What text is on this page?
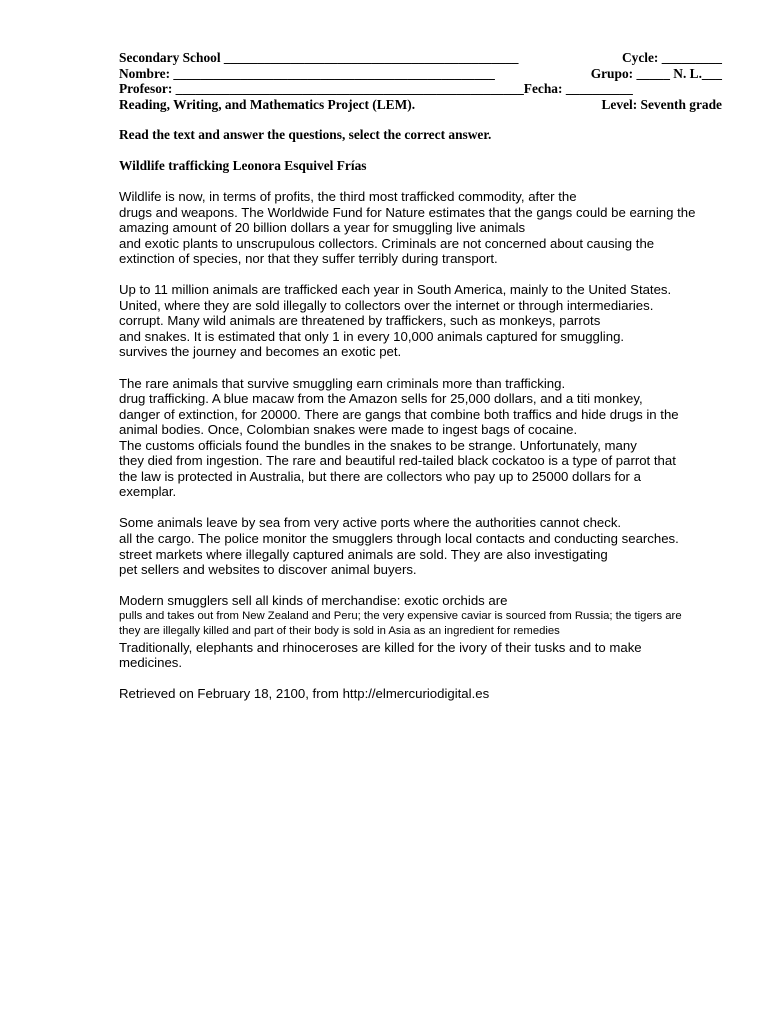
Secondary School ____________________________________________	Cycle: _________
Nombre: ________________________________________________	Grupo: _____ N. L.___
Profesor: ____________________________________________________ Fecha: __________
Reading, Writing, and Mathematics Project (LEM).	Level: Seventh grade
Read the text and answer the questions, select the correct answer.
Wildlife trafficking Leonora Esquivel Frías
Wildlife is now, in terms of profits, the third most trafficked commodity, after the
drugs and weapons. The Worldwide Fund for Nature estimates that the gangs could be earning the
amazing amount of 20 billion dollars a year for smuggling live animals
and exotic plants to unscrupulous collectors. Criminals are not concerned about causing the
extinction of species, nor that they suffer terribly during transport.
Up to 11 million animals are trafficked each year in South America, mainly to the United States.
United, where they are sold illegally to collectors over the internet or through intermediaries.
corrupt. Many wild animals are threatened by traffickers, such as monkeys, parrots
and snakes. It is estimated that only 1 in every 10,000 animals captured for smuggling.
survives the journey and becomes an exotic pet.
The rare animals that survive smuggling earn criminals more than trafficking.
drug trafficking. A blue macaw from the Amazon sells for 25,000 dollars, and a titi monkey,
danger of extinction, for 20000. There are gangs that combine both traffics and hide drugs in the
animal bodies. Once, Colombian snakes were made to ingest bags of cocaine.
The customs officials found the bundles in the snakes to be strange. Unfortunately, many
they died from ingestion. The rare and beautiful red-tailed black cockatoo is a type of parrot that
the law is protected in Australia, but there are collectors who pay up to 25000 dollars for a
exemplar.
Some animals leave by sea from very active ports where the authorities cannot check.
all the cargo. The police monitor the smugglers through local contacts and conducting searches.
street markets where illegally captured animals are sold. They are also investigating
pet sellers and websites to discover animal buyers.
Modern smugglers sell all kinds of merchandise: exotic orchids are
pulls and takes out from New Zealand and Peru; the very expensive caviar is sourced from Russia; the tigers are
they are illegally killed and part of their body is sold in Asia as an ingredient for remedies
Traditionally, elephants and rhinoceroses are killed for the ivory of their tusks and to make
medicines.
Retrieved on February 18, 2100, from http://elmercuriodigital.es
